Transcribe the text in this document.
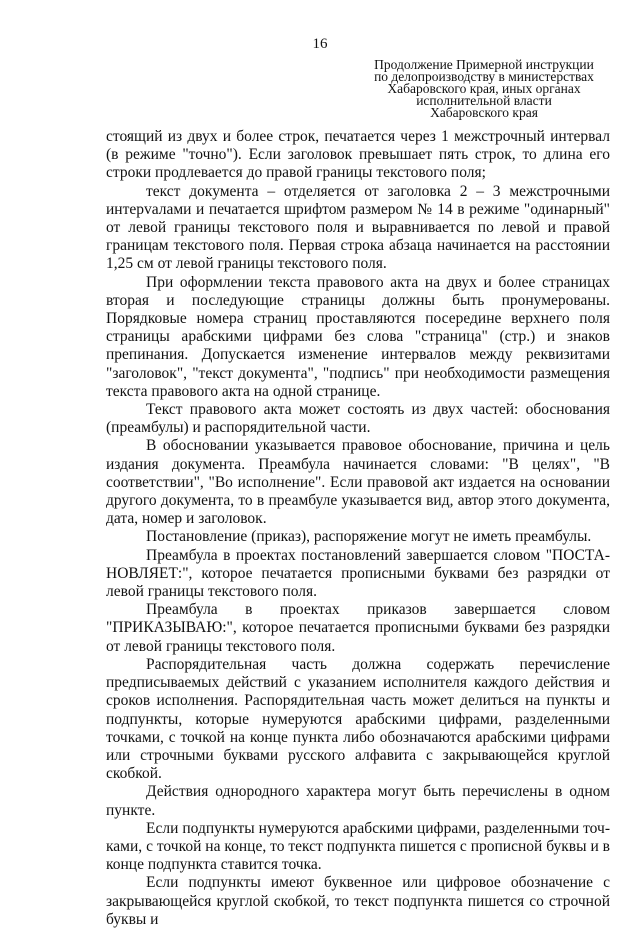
16
Продолжение Примерной инструкции
по делопроизводству в министерствах
Хабаровского края, иных органах
исполнительной власти
Хабаровского края

стоящий из двух и более строк, печатается через 1 межстрочный интервал (в режиме "точно"). Если заголовок превышает пять строк, то длина его строки продлевается до правой границы текстового поля;

текст документа – отделяется от заголовка 2 – 3 межстрочными интерvалами и печатается шрифтом размером № 14 в режиме "одинарный" от левой границы текстового поля и выравнивается по левой и правой границам текстового поля. Первая строка абзаца начинается на расстоянии 1,25 см от левой границы текстового поля.

При оформлении текста правового акта на двух и более страницах вторая и последующие страницы должны быть пронумерованы. Порядковые номера страниц проставляются посередине верхнего поля страницы арабскими цифрами без слова "страница" (стр.) и знаков препинания. Допускается изменение интервалов между реквизитами "заголовок", "текст документа", "подпись" при необходимости размещения текста правового акта на одной странице.

Текст правового акта может состоять из двух частей: обоснования (преамбулы) и распорядительной части.

В обосновании указывается правовое обоснование, причина и цель издания документа. Преамбула начинается словами: "В целях", "В соответствии", "Во исполнение". Если правовой акт издается на основании другого документа, то в преамбуле указывается вид, автор этого документа, дата, номер и заголовок.

Постановление (приказ), распоряжение могут не иметь преамбулы.

Преамбула в проектах постановлений завершается словом "ПОСТАНОВЛЯЕТ:", которое печатается прописными буквами без разрядки от левой границы текстового поля.

Преамбула в проектах приказов завершается словом "ПРИКАЗЫВАЮ:", которое печатается прописными буквами без разрядки от левой границы текстового поля.

Распорядительная часть должна содержать перечисление предписываемых действий с указанием исполнителя каждого действия и сроков исполнения. Распорядительная часть может делиться на пункты и подпункты, которые нумеруются арабскими цифрами, разделенными точками, с точкой на конце пункта либо обозначаются арабскими цифрами или строчными буквами русского алфавита с закрывающейся круглой скобкой.

Действия однородного характера могут быть перечислены в одном пункте.

Если подпункты нумеруются арабскими цифрами, разделенными точками, с точкой на конце, то текст подпункта пишется с прописной буквы и в конце подпункта ставится точка.

Если подпункты имеют буквенное или цифровое обозначение с закрывающейся круглой скобкой, то текст подпункта пишется со строчной буквы и
